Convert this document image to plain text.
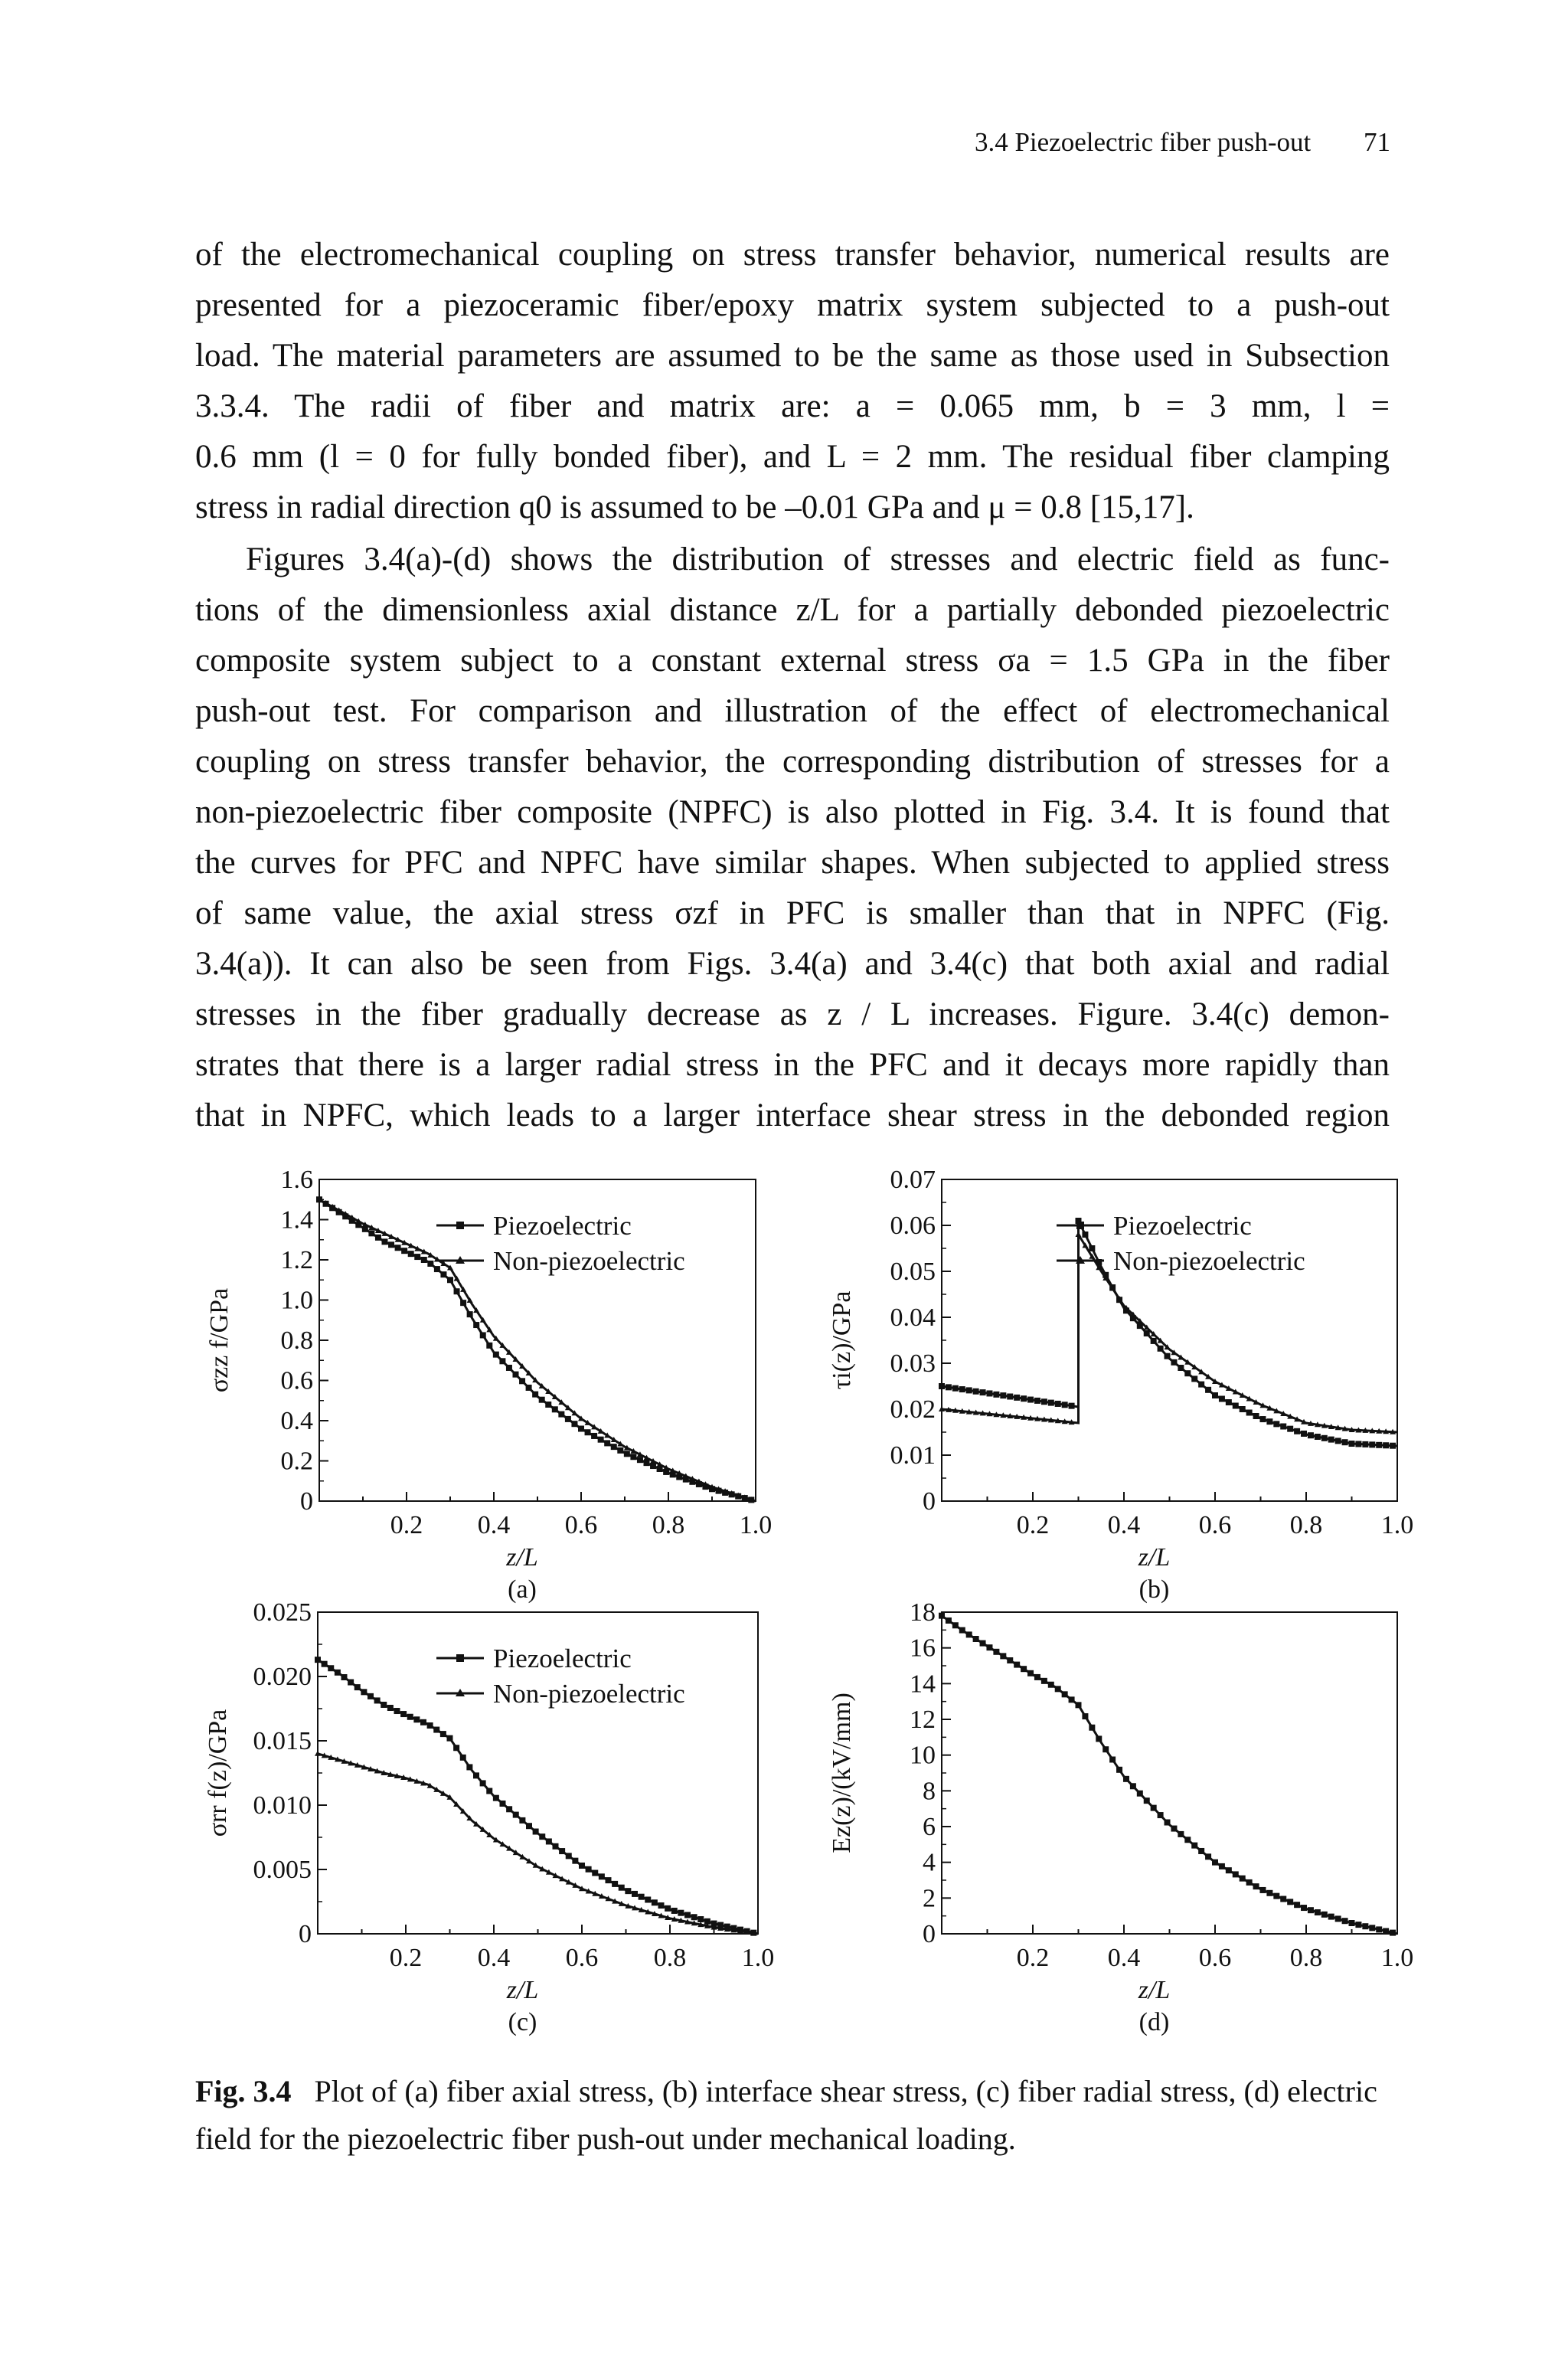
3.4 Piezoelectric fiber push-out 71
of the electromechanical coupling on stress transfer behavior, numerical results are
presented for a piezoceramic fiber/epoxy matrix system subjected to a push-out
load. The material parameters are assumed to be the same as those used in Subsection
3.3.4. The radii of fiber and matrix are: a = 0.065 mm, b = 3 mm, l =
0.6 mm (l = 0 for fully bonded fiber), and L = 2 mm. The residual fiber clamping
stress in radial direction q0 is assumed to be –0.01 GPa and μ = 0.8 [15,17].
Figures 3.4(a)-(d) shows the distribution of stresses and electric field as func-
tions of the dimensionless axial distance z/L for a partially debonded piezoelectric
composite system subject to a constant external stress σa = 1.5 GPa in the fiber
push-out test. For comparison and illustration of the effect of electromechanical
coupling on stress transfer behavior, the corresponding distribution of stresses for a
non-piezoelectric fiber composite (NPFC) is also plotted in Fig. 3.4. It is found that
the curves for PFC and NPFC have similar shapes. When subjected to applied stress
of same value, the axial stress σzf in PFC is smaller than that in NPFC (Fig.
3.4(a)). It can also be seen from Figs. 3.4(a) and 3.4(c) that both axial and radial
stresses in the fiber gradually decrease as z / L increases. Figure. 3.4(c) demon-
strates that there is a larger radial stress in the PFC and it decays more rapidly than
that in NPFC, which leads to a larger interface shear stress in the debonded region
0
0.2
0.4
0.6
0.8
1.0
1.2
1.4
1.6
0.2 0.4 0.6 0.8 1.0
z/L
(a)
σzz f/GPa
Piezoelectric
Non-piezoelectric
0
0.01
0.02
0.03
0.04
0.05
0.06
0.07
0.2 0.4 0.6 0.8 1.0
z/L
(b)
τi(z)/GPa
Piezoelectric
Non-piezoelectric
0
0.005
0.010
0.015
0.020
0.025
0.2 0.4 0.6 0.8 1.0
z/L
(c)
σrr f(z)/GPa
Piezoelectric
Non-piezoelectric
0
2
4
6
8
10
12
14
16
18
0.2 0.4 0.6 0.8 1.0
z/L
(d)
Ez(z)/(kV/mm)
Fig. 3.4 Plot of (a) fiber axial stress, (b) interface shear stress, (c) fiber radial stress, (d) electric field for the piezoelectric fiber push-out under mechanical loading.
